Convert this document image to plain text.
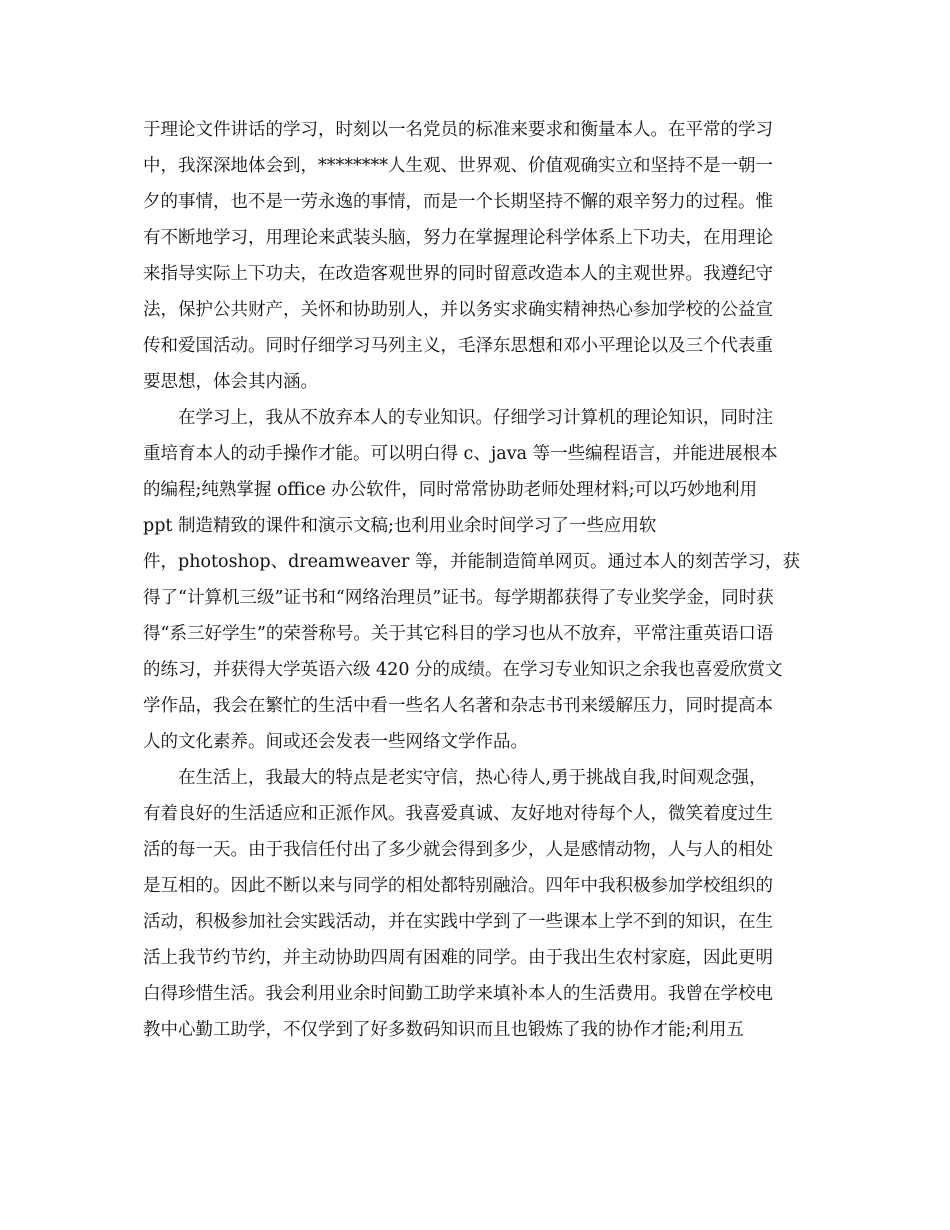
于理论文件讲话的学习，时刻以一名党员的标准来要求和衡量本人。在平常的学习
中，我深深地体会到，********人生观、世界观、价值观确实立和坚持不是一朝一
夕的事情，也不是一劳永逸的事情，而是一个长期坚持不懈的艰辛努力的过程。惟
有不断地学习，用理论来武装头脑，努力在掌握理论科学体系上下功夫，在用理论
来指导实际上下功夫，在改造客观世界的同时留意改造本人的主观世界。我遵纪守
法，保护公共财产，关怀和协助别人，并以务实求确实精神热心参加学校的公益宣
传和爱国活动。同时仔细学习马列主义，毛泽东思想和邓小平理论以及三个代表重
要思想，体会其内涵。
　　在学习上，我从不放弃本人的专业知识。仔细学习计算机的理论知识，同时注
重培育本人的动手操作才能。可以明白得 c、java 等一些编程语言，并能进展根本
的编程;纯熟掌握 office 办公软件，同时常常协助老师处理材料;可以巧妙地利用
ppt 制造精致的课件和演示文稿;也利用业余时间学习了一些应用软
件，photoshop、dreamweaver 等，并能制造简单网页。通过本人的刻苦学习，获
得了“计算机三级”证书和“网络治理员”证书。每学期都获得了专业奖学金，同时获
得“系三好学生”的荣誉称号。关于其它科目的学习也从不放弃，平常注重英语口语
的练习，并获得大学英语六级 420 分的成绩。在学习专业知识之余我也喜爱欣赏文
学作品，我会在繁忙的生活中看一些名人名著和杂志书刊来缓解压力，同时提高本
人的文化素养。间或还会发表一些网络文学作品。
　　在生活上，我最大的特点是老实守信，热心待人,勇于挑战自我,时间观念强，
有着良好的生活适应和正派作风。我喜爱真诚、友好地对待每个人，微笑着度过生
活的每一天。由于我信任付出了多少就会得到多少，人是感情动物，人与人的相处
是互相的。因此不断以来与同学的相处都特别融洽。四年中我积极参加学校组织的
活动，积极参加社会实践活动，并在实践中学到了一些课本上学不到的知识，在生
活上我节约节约，并主动协助四周有困难的同学。由于我出生农村家庭，因此更明
白得珍惜生活。我会利用业余时间勤工助学来填补本人的生活费用。我曾在学校电
教中心勤工助学，不仅学到了好多数码知识而且也锻炼了我的协作才能;利用五
